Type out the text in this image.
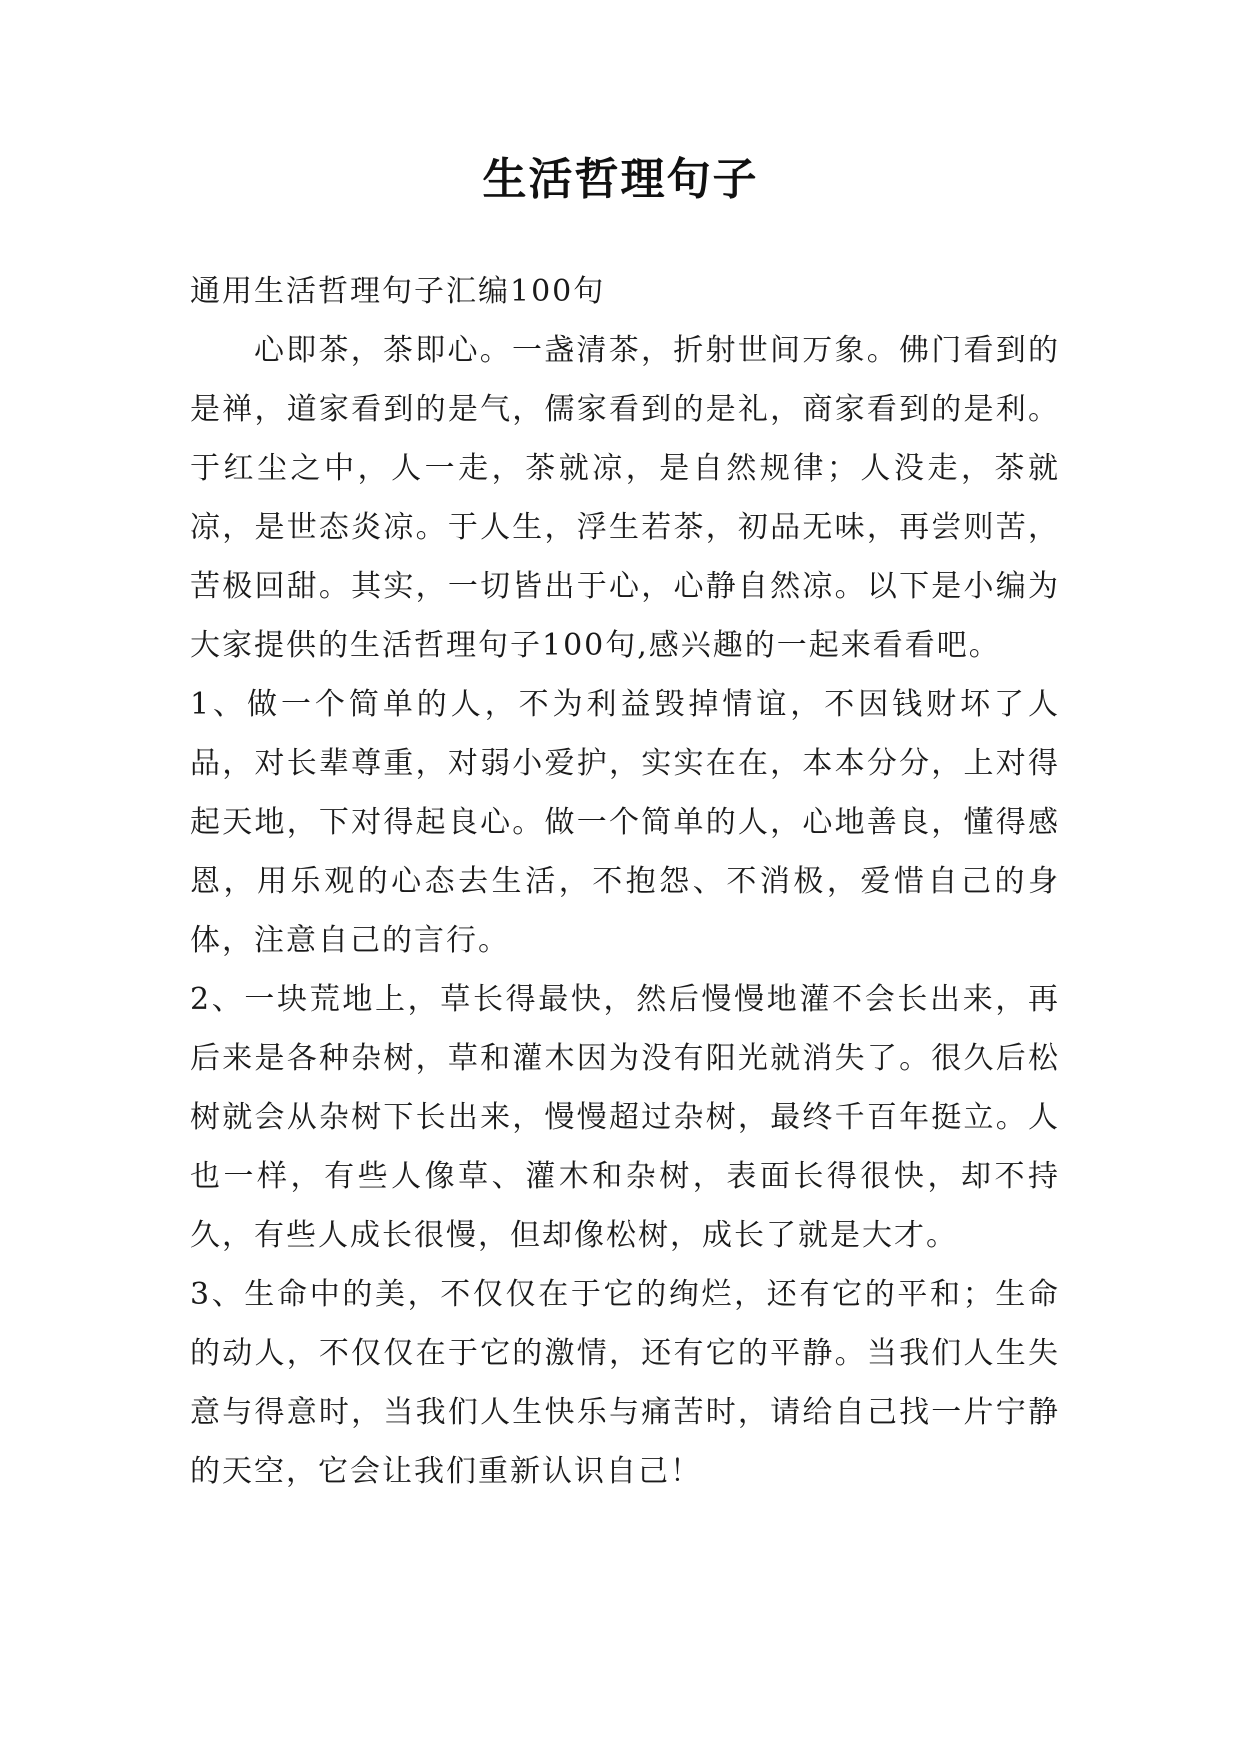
生活哲理句子

通用生活哲理句子汇编100句

心即茶，茶即心。一盏清茶，折射世间万象。佛门看到的是禅，道家看到的是气，儒家看到的是礼，商家看到的是利。于红尘之中，人一走，茶就凉，是自然规律；人没走，茶就凉，是世态炎凉。于人生，浮生若茶，初品无味，再尝则苦，苦极回甜。其实，一切皆出于心，心静自然凉。以下是小编为大家提供的生活哲理句子100句,感兴趣的一起来看看吧。

1、做一个简单的人，不为利益毁掉情谊，不因钱财坏了人品，对长辈尊重，对弱小爱护，实实在在，本本分分，上对得起天地，下对得起良心。做一个简单的人，心地善良，懂得感恩，用乐观的心态去生活，不抱怨、不消极，爱惜自己的身体，注意自己的言行。

2、一块荒地上，草长得最快，然后慢慢地灌不会长出来，再后来是各种杂树，草和灌木因为没有阳光就消失了。很久后松树就会从杂树下长出来，慢慢超过杂树，最终千百年挺立。人也一样，有些人像草、灌木和杂树，表面长得很快，却不持久，有些人成长很慢，但却像松树，成长了就是大才。

3、生命中的美，不仅仅在于它的绚烂，还有它的平和；生命的动人，不仅仅在于它的激情，还有它的平静。当我们人生失意与得意时，当我们人生快乐与痛苦时，请给自己找一片宁静的天空，它会让我们重新认识自己！
